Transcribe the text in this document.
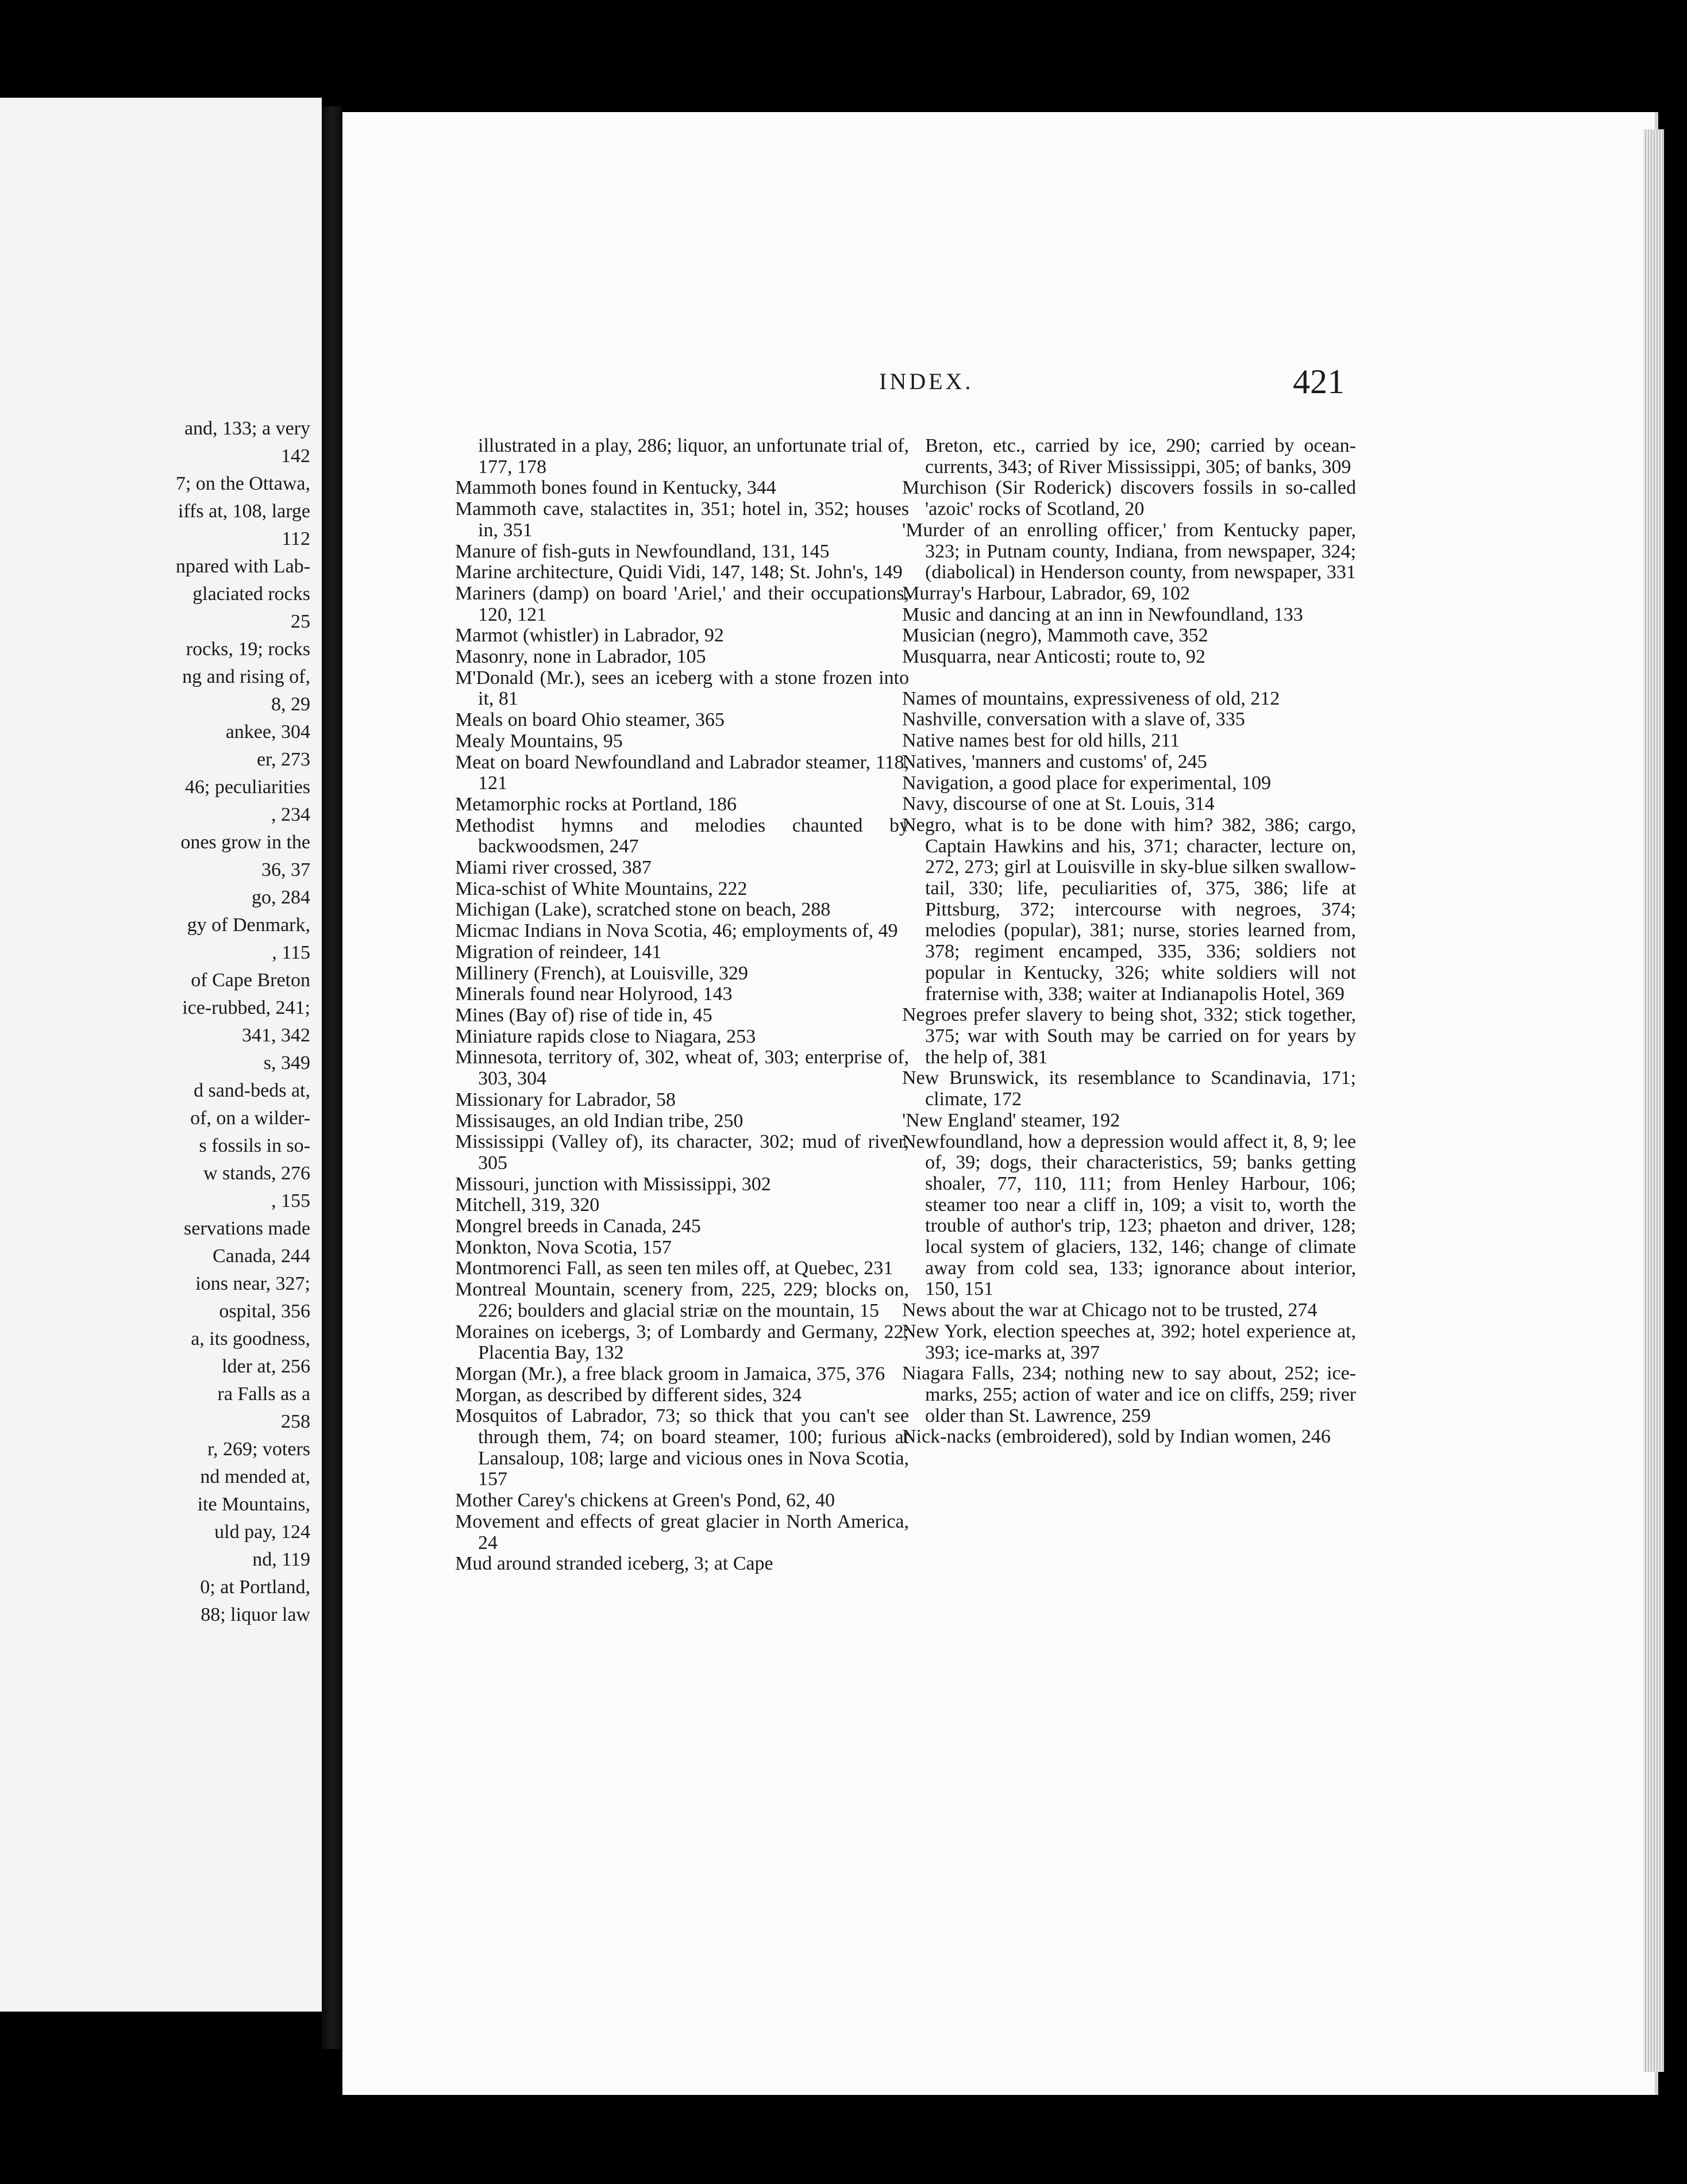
and, 133; a very
142
7; on the Ottawa,
iffs at, 108, large
112
npared with Lab-
glaciated rocks
25
rocks, 19; rocks
ng and rising of,
8, 29
ankee, 304
er, 273
46; peculiarities
, 234
ones grow in the
36, 37
go, 284
gy of Denmark,
, 115
of Cape Breton
ice-rubbed, 241;
341, 342
s, 349
d sand-beds at,
of, on a wilder-
s fossils in so-
w stands, 276
, 155
servations made
Canada, 244
ions near, 327;
ospital, 356
a, its goodness,
lder at, 256
ra Falls as a
258
r, 269; voters
nd mended at,
ite Mountains,
uld pay, 124
nd, 119
0; at Portland,
88; liquor law
INDEX.	421

illustrated in a play, 286; liquor, an unfortunate trial of, 177, 178

Mammoth bones found in Kentucky, 344

Mammoth cave, stalactites in, 351; hotel in, 352; houses in, 351

Manure of fish-guts in Newfoundland, 131, 145

Marine architecture, Quidi Vidi, 147, 148; St. John's, 149

Mariners (damp) on board 'Ariel,' and their occupations, 120, 121

Marmot (whistler) in Labrador, 92

Masonry, none in Labrador, 105

M'Donald (Mr.), sees an iceberg with a stone frozen into it, 81

Meals on board Ohio steamer, 365

Mealy Mountains, 95

Meat on board Newfoundland and Labrador steamer, 118, 121

Metamorphic rocks at Portland, 186

Methodist hymns and melodies chaunted by backwoodsmen, 247

Miami river crossed, 387

Mica-schist of White Mountains, 222

Michigan (Lake), scratched stone on beach, 288

Micmac Indians in Nova Scotia, 46; employments of, 49

Migration of reindeer, 141

Millinery (French), at Louisville, 329

Minerals found near Holyrood, 143

Mines (Bay of) rise of tide in, 45

Miniature rapids close to Niagara, 253

Minnesota, territory of, 302, wheat of, 303; enterprise of, 303, 304

Missionary for Labrador, 58

Missisauges, an old Indian tribe, 250

Mississippi (Valley of), its character, 302; mud of river, 305

Missouri, junction with Mississippi, 302

Mitchell, 319, 320

Mongrel breeds in Canada, 245

Monkton, Nova Scotia, 157

Montmorenci Fall, as seen ten miles off, at Quebec, 231

Montreal Mountain, scenery from, 225, 229; blocks on, 226; boulders and glacial striæ on the mountain, 15

Moraines on icebergs, 3; of Lombardy and Germany, 22; Placentia Bay, 132

Morgan (Mr.), a free black groom in Jamaica, 375, 376

Morgan, as described by different sides, 324

Mosquitos of Labrador, 73; so thick that you can't see through them, 74; on board steamer, 100; furious at Lansaloup, 108; large and vicious ones in Nova Scotia, 157

Mother Carey's chickens at Green's Pond, 62, 40

Movement and effects of great glacier in North America, 24

Mud around stranded iceberg, 3; at Cape

Breton, etc., carried by ice, 290; carried by ocean-currents, 343; of River Mississippi, 305; of banks, 309

Murchison (Sir Roderick) discovers fossils in so-called 'azoic' rocks of Scotland, 20

'Murder of an enrolling officer,' from Kentucky paper, 323; in Putnam county, Indiana, from newspaper, 324; (diabolical) in Henderson county, from newspaper, 331

Murray's Harbour, Labrador, 69, 102

Music and dancing at an inn in Newfoundland, 133

Musician (negro), Mammoth cave, 352

Musquarra, near Anticosti; route to, 92

Names of mountains, expressiveness of old, 212

Nashville, conversation with a slave of, 335

Native names best for old hills, 211

Natives, 'manners and customs' of, 245

Navigation, a good place for experimental, 109

Navy, discourse of one at St. Louis, 314

Negro, what is to be done with him? 382, 386; cargo, Captain Hawkins and his, 371; character, lecture on, 272, 273; girl at Louisville in sky-blue silken swallow-tail, 330; life, peculiarities of, 375, 386; life at Pittsburg, 372; intercourse with negroes, 374; melodies (popular), 381; nurse, stories learned from, 378; regiment encamped, 335, 336; soldiers not popular in Kentucky, 326; white soldiers will not fraternise with, 338; waiter at Indianapolis Hotel, 369

Negroes prefer slavery to being shot, 332; stick together, 375; war with South may be carried on for years by the help of, 381

New Brunswick, its resemblance to Scandinavia, 171; climate, 172

'New England' steamer, 192

Newfoundland, how a depression would affect it, 8, 9; lee of, 39; dogs, their characteristics, 59; banks getting shoaler, 77, 110, 111; from Henley Harbour, 106; steamer too near a cliff in, 109; a visit to, worth the trouble of author's trip, 123; phaeton and driver, 128; local system of glaciers, 132, 146; change of climate away from cold sea, 133; ignorance about interior, 150, 151

News about the war at Chicago not to be trusted, 274

New York, election speeches at, 392; hotel experience at, 393; ice-marks at, 397

Niagara Falls, 234; nothing new to say about, 252; ice-marks, 255; action of water and ice on cliffs, 259; river older than St. Lawrence, 259

Nick-nacks (embroidered), sold by Indian women, 246
